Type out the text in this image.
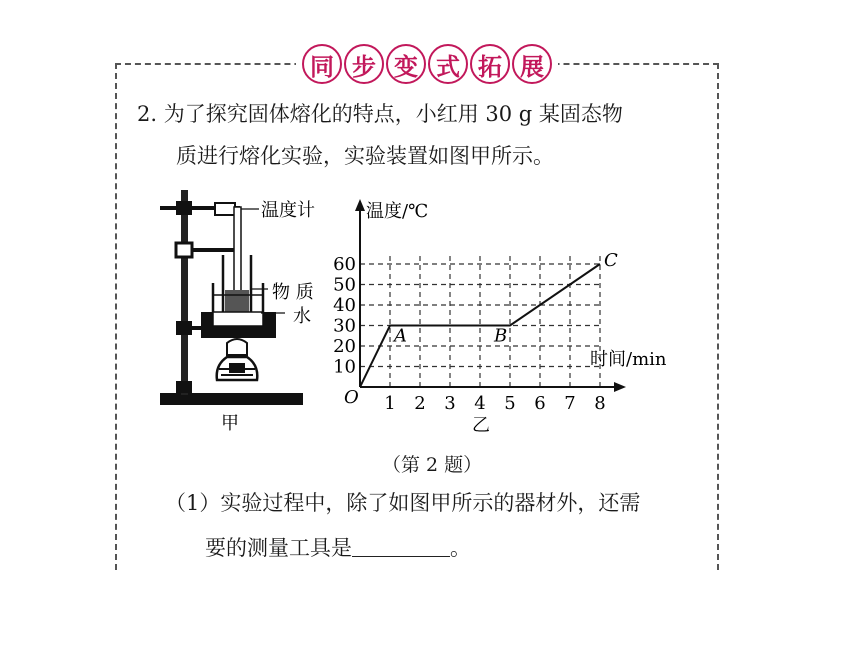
同 步 变 式 拓 展
2. 为了探究固体熔化的特点，小红用 30 g 某固态物
质进行熔化实验，实验装置如图甲所示。
温度计
物 质
水
甲
1 2 3 4 5 6 7 8
10
20
30
40
50
60
O
温度/℃
时间/min
乙
A	B
C
（第 2 题）
（1）实验过程中，除了如图甲所示的器材外，还需
要的测量工具是	。
